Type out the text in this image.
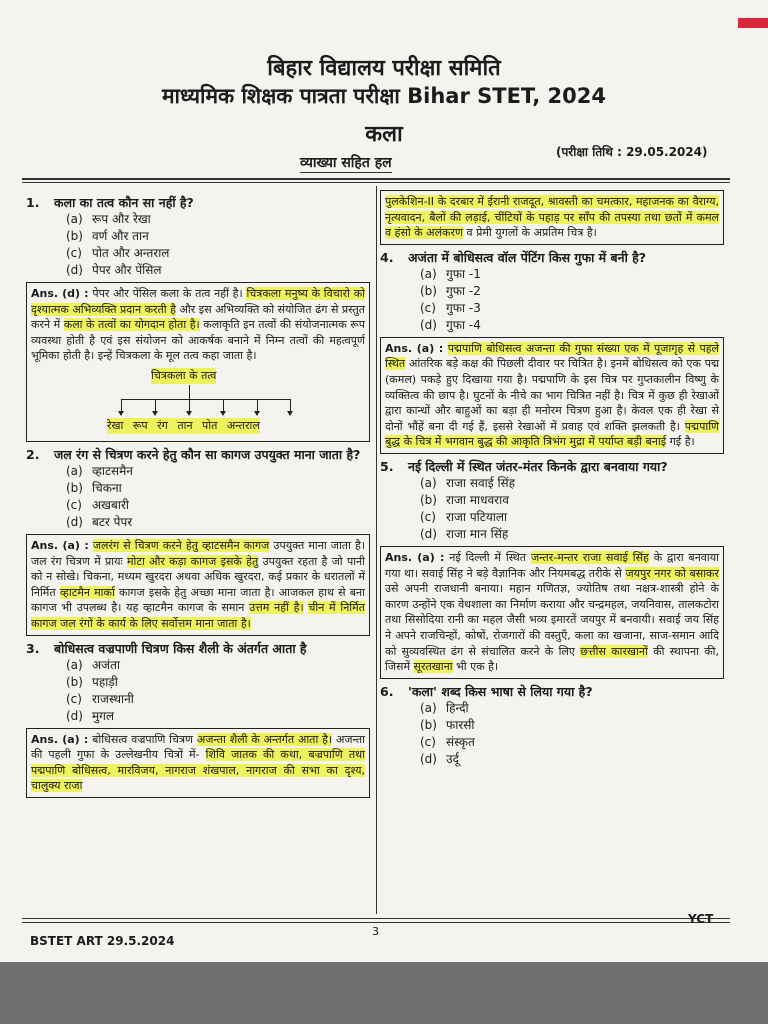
बिहार विद्यालय परीक्षा समिति
माध्यमिक शिक्षक पात्रता परीक्षा Bihar STET, 2024
कला
व्याख्या सहित हल
(परीक्षा तिथि : 29.05.2024)
1.	कला का तत्व कौन सा नहीं है?
(a) रूप और रेखा
(b) वर्ण और तान
(c) पोत और अन्तराल
(d) पेपर और पेंसिल
Ans. (d) : पेपर और पेंसिल कला के तत्व नहीं है। चित्रकला मनुष्य के विचारो को दृश्यात्मक अभिव्यक्ति प्रदान करती है और इस अभिव्यक्ति को संयोजित ढंग से प्रस्तुत करने में कला के तत्वों का योगदान होता है। कलाकृति इन तत्वों की संयोजनात्मक रूप व्यवस्था होती है एवं इस संयोजन को आकर्षक बनाने में निम्न तत्वों की महत्वपूर्ण भूमिका होती है। इन्हें चित्रकला के मूल तत्व कहा जाता है।
चित्रकला के तत्व
रेखा रूप रंग तान पोत अन्तराल
2.	जल रंग से चित्रण करने हेतु कौन सा कागज उपयुक्त माना जाता है?
(a) व्हाटसमैन
(b) चिकना
(c) अखबारी
(d) बटर पेपर
Ans. (a) : जलरंग से चित्रण करने हेतु व्हाटसमैन कागज उपयुक्त माना जाता है। जल रंग चित्रण में प्रायः मोटा और कड़ा कागज इसके हेतु उपयुक्त रहता है जो पानी को न सोखे। चिकना, मध्यम खुरदरा अथवा अधिक खुरदरा, कई प्रकार के धरातलों में निर्मित व्हाटमैन मार्का कागज इसके हेतु अच्छा माना जाता है। आजकल हाथ से बना कागज भी उपलब्ध है। यह व्हाटमैन कागज के समान उत्तम नहीं है। चीन में निर्मित कागज जल रंगों के कार्य के लिए सर्वोत्तम माना जाता है।
3.	बोधिसत्व वज्रपाणी चित्रण किस शैली के अंतर्गत आता है
(a) अजंता
(b) पहाड़ी
(c) राजस्थानी
(d) मुगल
Ans. (a) : बोधिसत्व वज्रपाणि चित्रण अजन्ता शैली के अन्तर्गत आता है। अजन्ता की पहली गुफा के उल्लेखनीय चित्रों में- शिवि जातक की कथा, बज्रपाणि तथा पद्मपाणि बोधिसत्व, मारविजय, नागराज शंखपाल, नागराज की सभा का दृश्य, चालुक्य राजा
पुलकेशिन-II के दरबार में ईरानी राजदूत, श्रावस्ती का चमत्कार, महाजनक का वैराग्य, नृत्यवादन, बैलों की लड़ाई, चींटियों के पहाड़ पर साँप की तपस्या तथा छतों में कमल व हंसो के अलंकरण व प्रेमी युगलों के अप्रतिम चित्र है।
4.	अजंता में बोधिसत्व वॉल पेंटिंग किस गुफा में बनी है?
(a) गुफा -1
(b) गुफा -2
(c) गुफा -3
(d) गुफा -4
Ans. (a) : पद्मपाणि बोधिसत्व अजन्ता की गुफा संख्या एक में पूजागृह से पहले स्थित आंतरिक बड़े कक्ष की पिछली दीवार पर चित्रित है। इनमें बोधिसत्व को एक पद्म (कमल) पकड़े हुए दिखाया गया है। पद्मपाणि के इस चित्र पर गुप्तकालीन विष्णु के व्यक्तित्व की छाप है। घुटनों के नीचे का भाग चित्रित नहीं है। चित्र में कुछ ही रेखाओं द्वारा कान्धों और बाहुओं का बड़ा ही मनोरम चित्रण हुआ है। केवल एक ही रेखा से दोनों भौंहें बना दी गई हैं, इससे रेखाओं में प्रवाह एवं शक्ति झलकती है। पद्मपाणि बुद्ध के चित्र में भगवान बुद्ध की आकृति त्रिभंग मुद्रा में पर्याप्त बड़ी बनाई गई है।
5.	नई दिल्ली में स्थित जंतर-मंतर किनके द्वारा बनवाया गया?
(a) राजा सवाई सिंह
(b) राजा माधवराव
(c) राजा पटियाला
(d) राजा मान सिंह
Ans. (a) : नई दिल्ली में स्थित जन्तर-मन्तर राजा सवाई सिंह के द्वारा बनवाया गया था। सवाई सिंह ने बड़े वैज्ञानिक और नियमबद्ध तरीके से जयपुर नगर को बसाकर उसे अपनी राजधानी बनाया। महान गणितज्ञ, ज्योतिष तथा नक्षत्र-शास्त्री होने के कारण उन्होंने एक वेधशाला का निर्माण कराया और चन्द्रमहल, जयनिवास, तालकटोरा तथा सिसोदिया रानी का महल जैसी भव्य इमारतें जयपुर में बनवायी। सवाई जय सिंह ने अपने राजचिन्हों, कोषों, रोजगारों की वस्तुएँ, कला का खजाना, साज-समान आदि को सुव्यवस्थित ढंग से संचालित करने के लिए छत्तीस कारखानों की स्थापना की, जिसमें सूरतखाना भी एक है।
6.	'कला' शब्द किस भाषा से लिया गया है?
(a) हिन्दी
(b) फारसी
(c) संस्कृत
(d) उर्दू
BSTET ART 29.5.2024
3
YCT
